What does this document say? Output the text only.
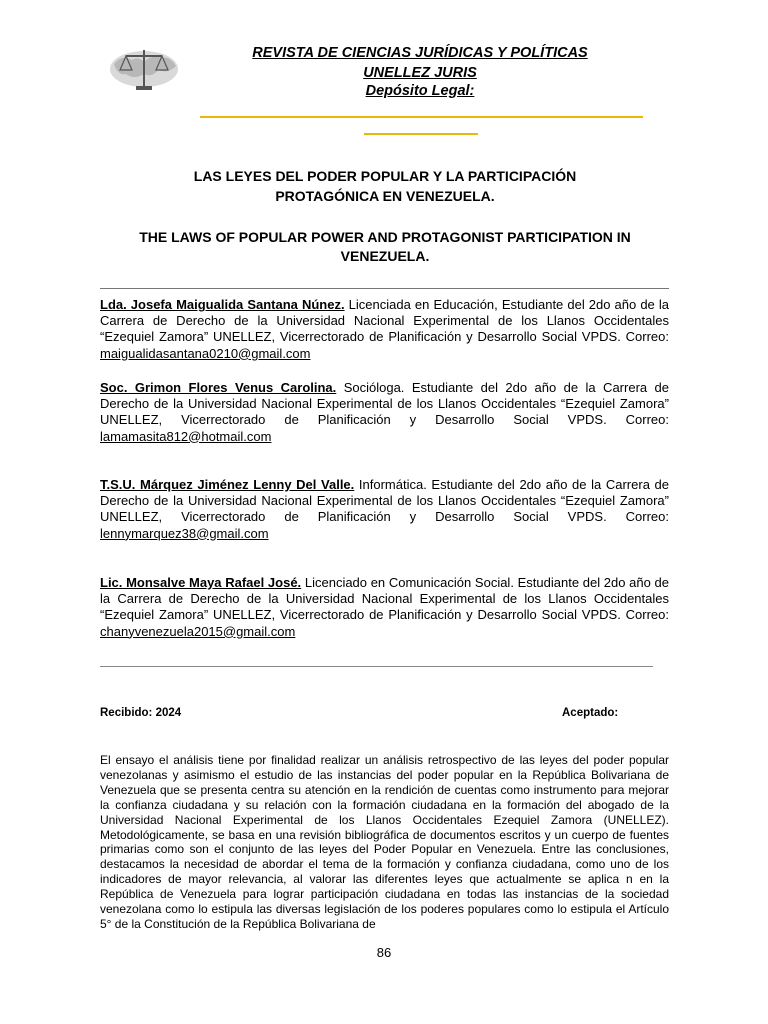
REVISTA DE CIENCIAS JURÍDICAS Y POLÍTICAS
UNELLEZ JURIS
Depósito Legal:
LAS LEYES DEL PODER POPULAR Y LA PARTICIPACIÓN
PROTAGÓNICA EN VENEZUELA.
THE LAWS OF POPULAR POWER AND PROTAGONIST PARTICIPATION IN
VENEZUELA.
Lda. Josefa Maigualida Santana Núnez. Licenciada en Educación, Estudiante del 2do año de la Carrera de Derecho de la Universidad Nacional Experimental de los Llanos Occidentales “Ezequiel Zamora” UNELLEZ, Vicerrectorado de Planificación y Desarrollo Social VPDS. Correo: maigualidasantana0210@gmail.com
Soc. Grimon Flores Venus Carolina. Socióloga. Estudiante del 2do año de la Carrera de Derecho de la Universidad Nacional Experimental de los Llanos Occidentales “Ezequiel Zamora” UNELLEZ, Vicerrectorado de Planificación y Desarrollo Social VPDS. Correo: lamamasita812@hotmail.com
T.S.U. Márquez Jiménez Lenny Del Valle. Informática. Estudiante del 2do año de la Carrera de Derecho de la Universidad Nacional Experimental de los Llanos Occidentales “Ezequiel Zamora” UNELLEZ, Vicerrectorado de Planificación y Desarrollo Social VPDS. Correo: lennymarquez38@gmail.com
Lic. Monsalve Maya Rafael José. Licenciado en Comunicación Social. Estudiante del 2do año de la Carrera de Derecho de la Universidad Nacional Experimental de los Llanos Occidentales “Ezequiel Zamora” UNELLEZ, Vicerrectorado de Planificación y Desarrollo Social VPDS. Correo: chanyvenezuela2015@gmail.com
Recibido: 2024	Aceptado:
El ensayo el análisis tiene por finalidad realizar un análisis retrospectivo de las leyes del poder popular venezolanas y asimismo el estudio de las instancias del poder popular en la República Bolivariana de Venezuela que se presenta centra su atención en la rendición de cuentas como instrumento para mejorar la confianza ciudadana y su relación con la formación ciudadana en la formación del abogado de la Universidad Nacional Experimental de los Llanos Occidentales Ezequiel Zamora (UNELLEZ). Metodológicamente, se basa en una revisión bibliográfica de documentos escritos y un cuerpo de fuentes primarias como son el conjunto de las leyes del Poder Popular en Venezuela. Entre las conclusiones, destacamos la necesidad de abordar el tema de la formación y confianza ciudadana, como uno de los indicadores de mayor relevancia, al valorar las diferentes leyes que actualmente se aplica n en la República de Venezuela para lograr participación ciudadana en todas las instancias de la sociedad venezolana como lo estipula las diversas legislación de los poderes populares como lo estipula el Artículo 5° de la Constitución de la República Bolivariana de
86
